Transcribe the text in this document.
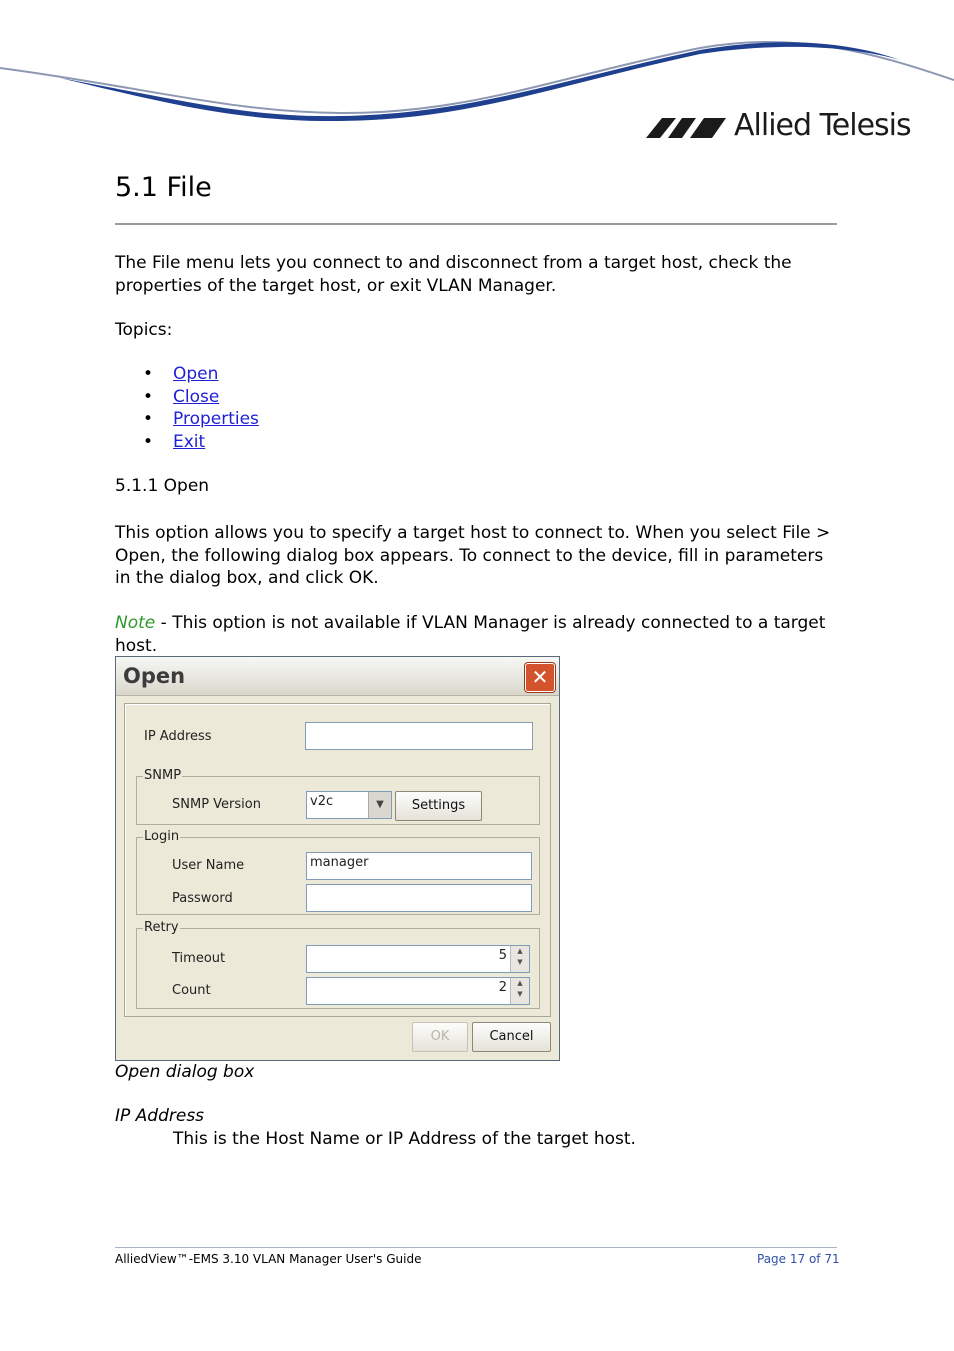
Allied Telesis
5.1 File

The File menu lets you connect to and disconnect from a target host, check the properties of the target host, or exit VLAN Manager.

Topics:

• Open
• Close
• Properties
• Exit
5.1.1 Open

This option allows you to specify a target host to connect to. When you select File > Open, the following dialog box appears. To connect to the device, fill in parameters in the dialog box, and click OK.

Note - This option is not available if VLAN Manager is already connected to a target host.

Open	✕
IP Address
SNMP
SNMP Version	v2c	▼	Settings
Login
User Name	manager
Password
Retry
Timeout	5	▲
▼
Count	2	▲
▼
OK	Cancel

Open dialog box

IP Address

This is the Host Name or IP Address of the target host.

AlliedView™-EMS 3.10 VLAN Manager User's Guide	Page 17 of 71
